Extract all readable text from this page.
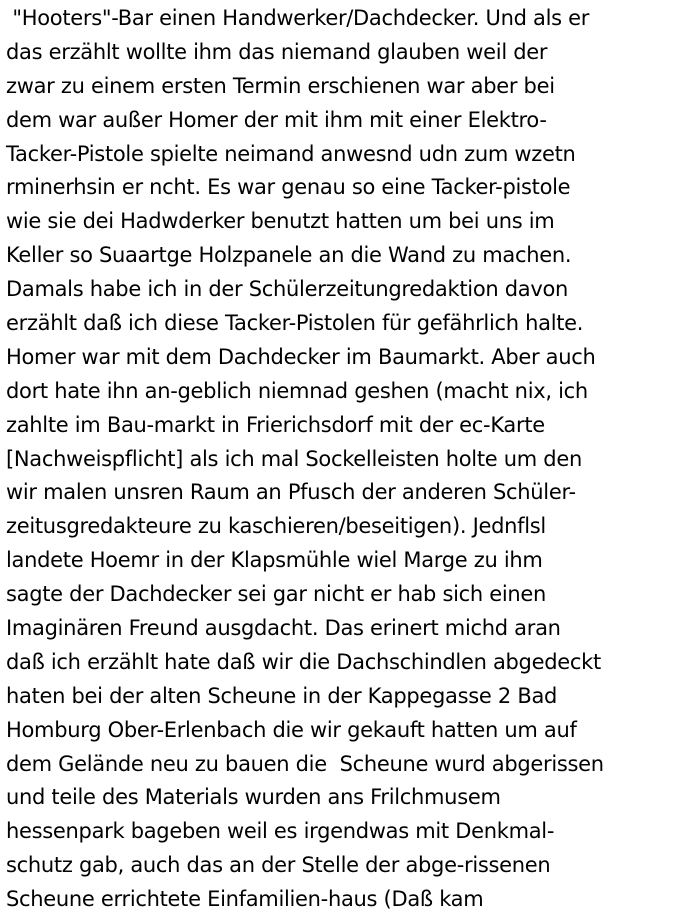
"Hooters"-Bar einen Handwerker/Dachdecker. Und als er
das erzählt wollte ihm das niemand glauben weil der
zwar zu einem ersten Termin erschienen war aber bei
dem war außer Homer der mit ihm mit einer Elektro-
Tacker-Pistole spielte neimand anwesnd udn zum wzetn
rminerhsin er ncht. Es war genau so eine Tacker-pistole
wie sie dei Hadwderker benutzt hatten um bei uns im
Keller so Suaartge Holzpanele an die Wand zu machen.
Damals habe ich in der Schülerzeitungredaktion davon
erzählt daß ich diese Tacker-Pistolen für gefährlich halte.
Homer war mit dem Dachdecker im Baumarkt. Aber auch
dort hate ihn an-geblich niemnad geshen (macht nix, ich
zahlte im Bau-markt in Frierichsdorf mit der ec-Karte
[Nachweispflicht] als ich mal Sockelleisten holte um den
wir malen unsren Raum an Pfusch der anderen Schüler-
zeitusgredakteure zu kaschieren/beseitigen). Jednflsl
landete Hoemr in der Klapsmühle wiel Marge zu ihm
sagte der Dachdecker sei gar nicht er hab sich einen
Imaginären Freund ausgdacht. Das erinert michd aran
daß ich erzählt hate daß wir die Dachschindlen abgedeckt
haten bei der alten Scheune in der Kappegasse 2 Bad
Homburg Ober-Erlenbach die wir gekauft hatten um auf
dem Gelände neu zu bauen die  Scheune wurd abgerissen
und teile des Materials wurden ans Frilchmusem
hessenpark bageben weil es irgendwas mit Denkmal-
schutz gab, auch das an der Stelle der abge-rissenen
Scheune errichtete Einfamilien-haus (Daß kam
